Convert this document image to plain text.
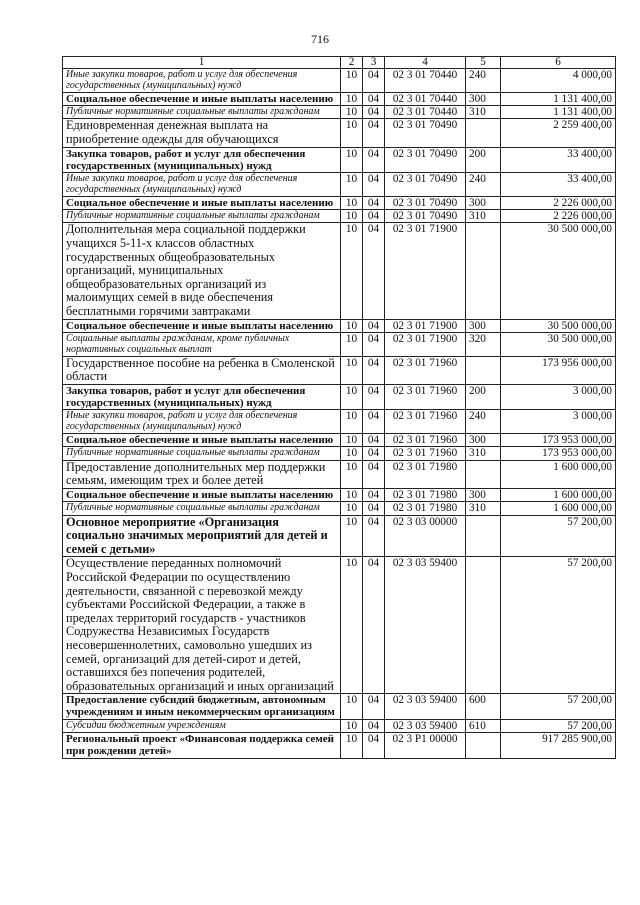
716
1	2	3	4	5	6
Иные закупки товаров, работ и услуг для обеспечения государственных (муниципальных) нужд	10	04	02 3 01 70440	240	4 000,00
Социальное обеспечение и иные выплаты населению	10	04	02 3 01 70440	300	1 131 400,00
Публичные нормативные социальные выплаты гражданам	10	04	02 3 01 70440	310	1 131 400,00
Единовременная денежная выплата на приобретение одежды для обучающихся	10	04	02 3 01 70490		2 259 400,00
Закупка товаров, работ и услуг для обеспечения государственных (муниципальных) нужд	10	04	02 3 01 70490	200	33 400,00
Иные закупки товаров, работ и услуг для обеспечения государственных (муниципальных) нужд	10	04	02 3 01 70490	240	33 400,00
Социальное обеспечение и иные выплаты населению	10	04	02 3 01 70490	300	2 226 000,00
Публичные нормативные социальные выплаты гражданам	10	04	02 3 01 70490	310	2 226 000,00
Дополнительная мера социальной поддержки учащихся 5-11-х классов областных государственных общеобразовательных организаций, муниципальных общеобразовательных организаций из малоимущих семей в виде обеспечения бесплатными горячими завтраками	10	04	02 3 01 71900		30 500 000,00
Социальное обеспечение и иные выплаты населению	10	04	02 3 01 71900	300	30 500 000,00
Социальные выплаты гражданам, кроме публичных нормативных социальных выплат	10	04	02 3 01 71900	320	30 500 000,00
Государственное пособие на ребенка в Смоленской области	10	04	02 3 01 71960		173 956 000,00
Закупка товаров, работ и услуг для обеспечения государственных (муниципальных) нужд	10	04	02 3 01 71960	200	3 000,00
Иные закупки товаров, работ и услуг для обеспечения государственных (муниципальных) нужд	10	04	02 3 01 71960	240	3 000,00
Социальное обеспечение и иные выплаты населению	10	04	02 3 01 71960	300	173 953 000,00
Публичные нормативные социальные выплаты гражданам	10	04	02 3 01 71960	310	173 953 000,00
Предоставление дополнительных мер поддержки семьям, имеющим трех и более детей	10	04	02 3 01 71980		1 600 000,00
Социальное обеспечение и иные выплаты населению	10	04	02 3 01 71980	300	1 600 000,00
Публичные нормативные социальные выплаты гражданам	10	04	02 3 01 71980	310	1 600 000,00
Основное мероприятие «Организация социально значимых мероприятий для детей и семей с детьми»	10	04	02 3 03 00000		57 200,00
Осуществление переданных полномочий Российской Федерации по осуществлению деятельности, связанной с перевозкой между субъектами Российской Федерации, а также в пределах территорий государств - участников Содружества Независимых Государств несовершеннолетних, самовольно ушедших из семей, организаций для детей-сирот и детей, оставшихся без попечения родителей, образовательных организаций и иных организаций	10	04	02 3 03 59400		57 200,00
Предоставление субсидий бюджетным, автономным учреждениям и иным некоммерческим организациям	10	04	02 3 03 59400	600	57 200,00
Субсидии бюджетным учреждениям	10	04	02 3 03 59400	610	57 200,00
Региональный проект «Финансовая поддержка семей при рождении детей»	10	04	02 3 P1 00000		917 285 900,00
